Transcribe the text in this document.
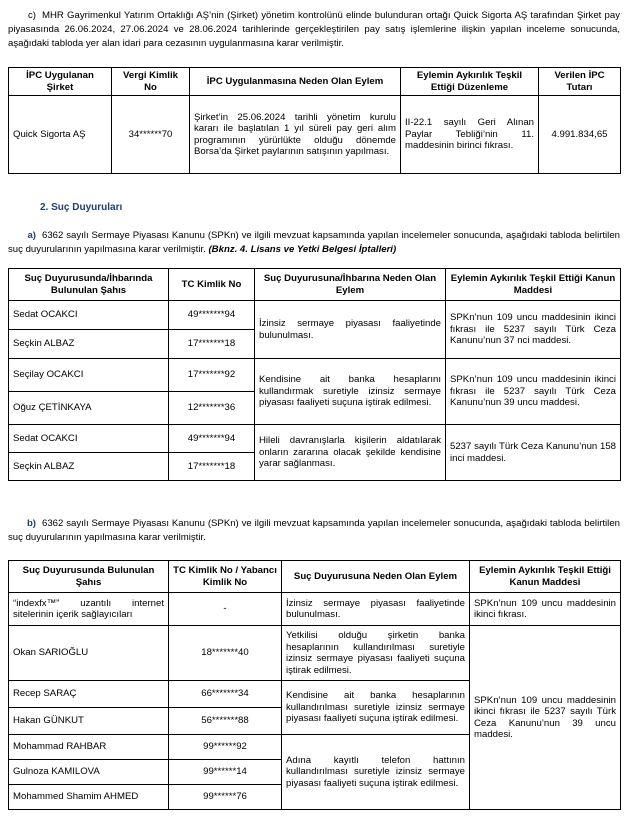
c) MHR Gayrimenkul Yatırım Ortaklığı AŞ’nin (Şirket) yönetim kontrolünü elinde bulunduran ortağı Quick Sigorta AŞ tarafından Şirket pay piyasasında 26.06.2024, 27.06.2024 ve 28.06.2024 tarihlerinde gerçekleştirilen pay satış işlemlerine ilişkin yapılan inceleme sonucunda, aşağıdaki tabloda yer alan idari para cezasının uygulanmasına karar verilmiştir.
İPC Uygulanan Şirket	Vergi Kimlik No	İPC Uygulanmasına Neden Olan Eylem	Eylemin Aykırılık Teşkil Ettiği Düzenleme	Verilen İPC Tutarı
Quick Sigorta AŞ	34******70	Şirket’in 25.06.2024 tarihli yönetim kurulu kararı ile başlatılan 1 yıl süreli pay geri alım programının yürürlükte olduğu dönemde Borsa’da Şirket paylarının satışının yapılması.	II-22.1 sayılı Geri Alınan Paylar Tebliği’nin 11. maddesinin birinci fıkrası.	4.991.834,65
2. Suç Duyuruları
a) 6362 sayılı Sermaye Piyasası Kanunu (SPKn) ve ilgili mevzuat kapsamında yapılan incelemeler sonucunda, aşağıdaki tabloda belirtilen suç duyurularının yapılmasına karar verilmiştir. (Bknz. 4. Lisans ve Yetki Belgesi İptalleri)
Suç Duyurusunda/İhbarında Bulunulan Şahıs	TC Kimlik No	Suç Duyurusuna/İhbarına Neden Olan Eylem	Eylemin Aykırılık Teşkil Ettiği Kanun Maddesi
Sedat OCAKCI	49*******94	İzinsiz sermaye piyasası faaliyetinde bulunulması.	SPKn’nun 109 uncu maddesinin ikinci fıkrası ile 5237 sayılı Türk Ceza Kanunu’nun 37 nci maddesi.
Seçkin ALBAZ	17*******18		
Seçilay OCAKCI	17*******92	Kendisine ait banka hesaplarını kullandırmak suretiyle izinsiz sermaye piyasası faaliyeti suçuna iştirak edilmesi.	SPKn’nun 109 uncu maddesinin ikinci fıkrası ile 5237 sayılı Türk Ceza Kanunu’nun 39 uncu maddesi.
Oğuz ÇETİNKAYA	12*******36		
Sedat OCAKCI	49*******94	Hileli davranışlarla kişilerin aldatılarak onların zararına olacak şekilde kendisine yarar sağlanması.	5237 sayılı Türk Ceza Kanunu’nun 158 inci maddesi.
Seçkin ALBAZ	17*******18		
b) 6362 sayılı Sermaye Piyasası Kanunu (SPKn) ve ilgili mevzuat kapsamında yapılan incelemeler sonucunda, aşağıdaki tabloda belirtilen suç duyurularının yapılmasına karar verilmiştir.
Suç Duyurusunda Bulunulan Şahıs	TC Kimlik No / Yabancı Kimlik No	Suç Duyurusuna Neden Olan Eylem	Eylemin Aykırılık Teşkil Ettiği Kanun Maddesi
“indexfx™” uzantılı internet sitelerinin içerik sağlayıcıları	-	İzinsiz sermaye piyasası faaliyetinde bulunulması.	SPKn’nun 109 uncu maddesinin ikinci fıkrası.
Okan SARIOĞLU	18*******40	Yetkilisi olduğu şirketin banka hesaplarının kullandırılması suretiyle izinsiz sermaye piyasası faaliyeti suçuna iştirak edilmesi.	SPKn’nun 109 uncu maddesinin ikinci fıkrası ile 5237 sayılı Türk Ceza Kanunu’nun 39 uncu maddesi.
Recep SARAÇ	66*******34	Kendisine ait banka hesaplarının kullandırılması suretiyle izinsiz sermaye piyasası faaliyeti suçuna iştirak edilmesi.	
Hakan GÜNKUT	56*******88		
Mohammad RAHBAR	99******92	Adına kayıtlı telefon hattının kullandırılması suretiyle izinsiz sermaye piyasası faaliyeti suçuna iştirak edilmesi.	
Gulnoza KAMILOVA	99******14		
Mohammed Shamim AHMED	99******76		
